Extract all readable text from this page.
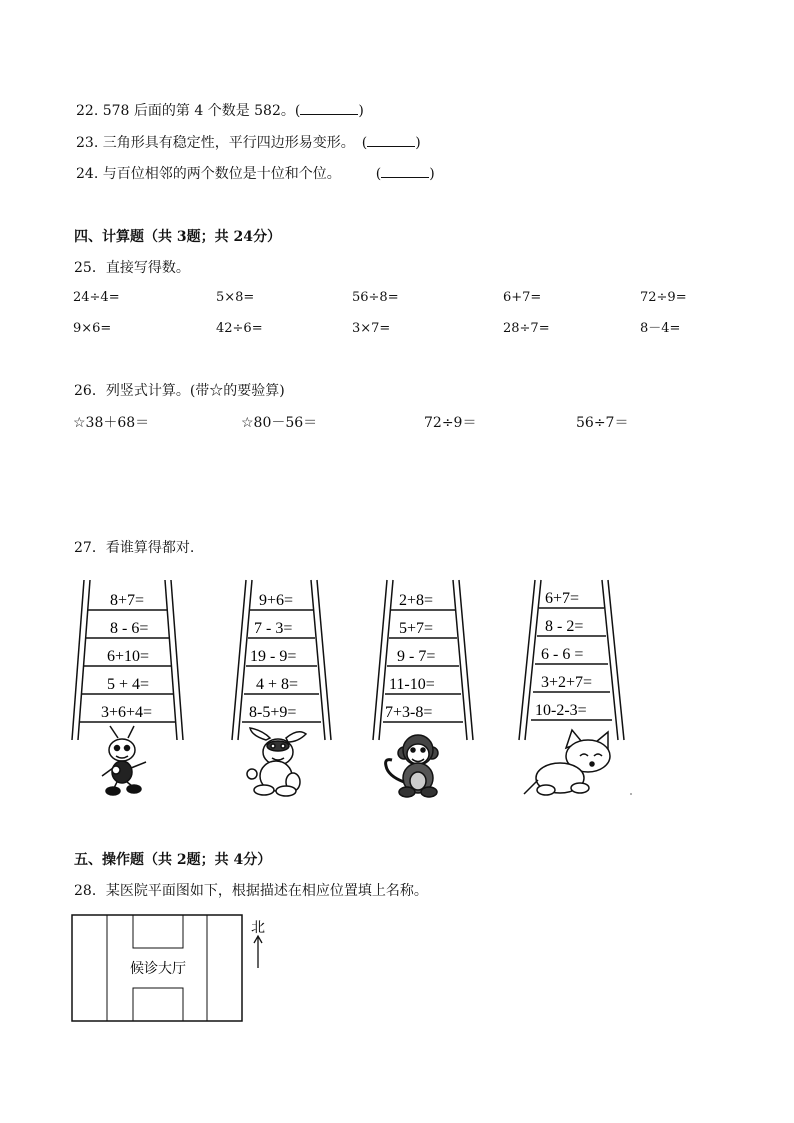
22. 578 后面的第 4 个数是 582。(	)
23. 三角形具有稳定性，平行四边形易变形。　(	)
24. 与百位相邻的两个数位是十位和个位。　　　(	)
四、计算题（共 3题；共 24分）
25．直接写得数。
24÷4=	5×8=	56÷8=	6+7=	72÷9=
9×6=	42÷6=	3×7=	28÷7=	8－4=
26．列竖式计算。(带☆的要验算)
☆38＋68＝	☆80－56＝	72÷9＝	56÷7＝
27．看谁算得都对.
8+7=
8 - 6=
6+10=
5 + 4=
3+6+4=
9+6=
7 - 3=
19 - 9=
4 + 8=
8-5+9=
2+8=
5+7=
9 - 7=
11-10=
7+3-8=
6+7=
8 - 2=
6 - 6 =
3+2+7=
10-2-3=
五、操作题（共 2题；共 4分）
28．某医院平面图如下，根据描述在相应位置填上名称。
候诊大厅
北
